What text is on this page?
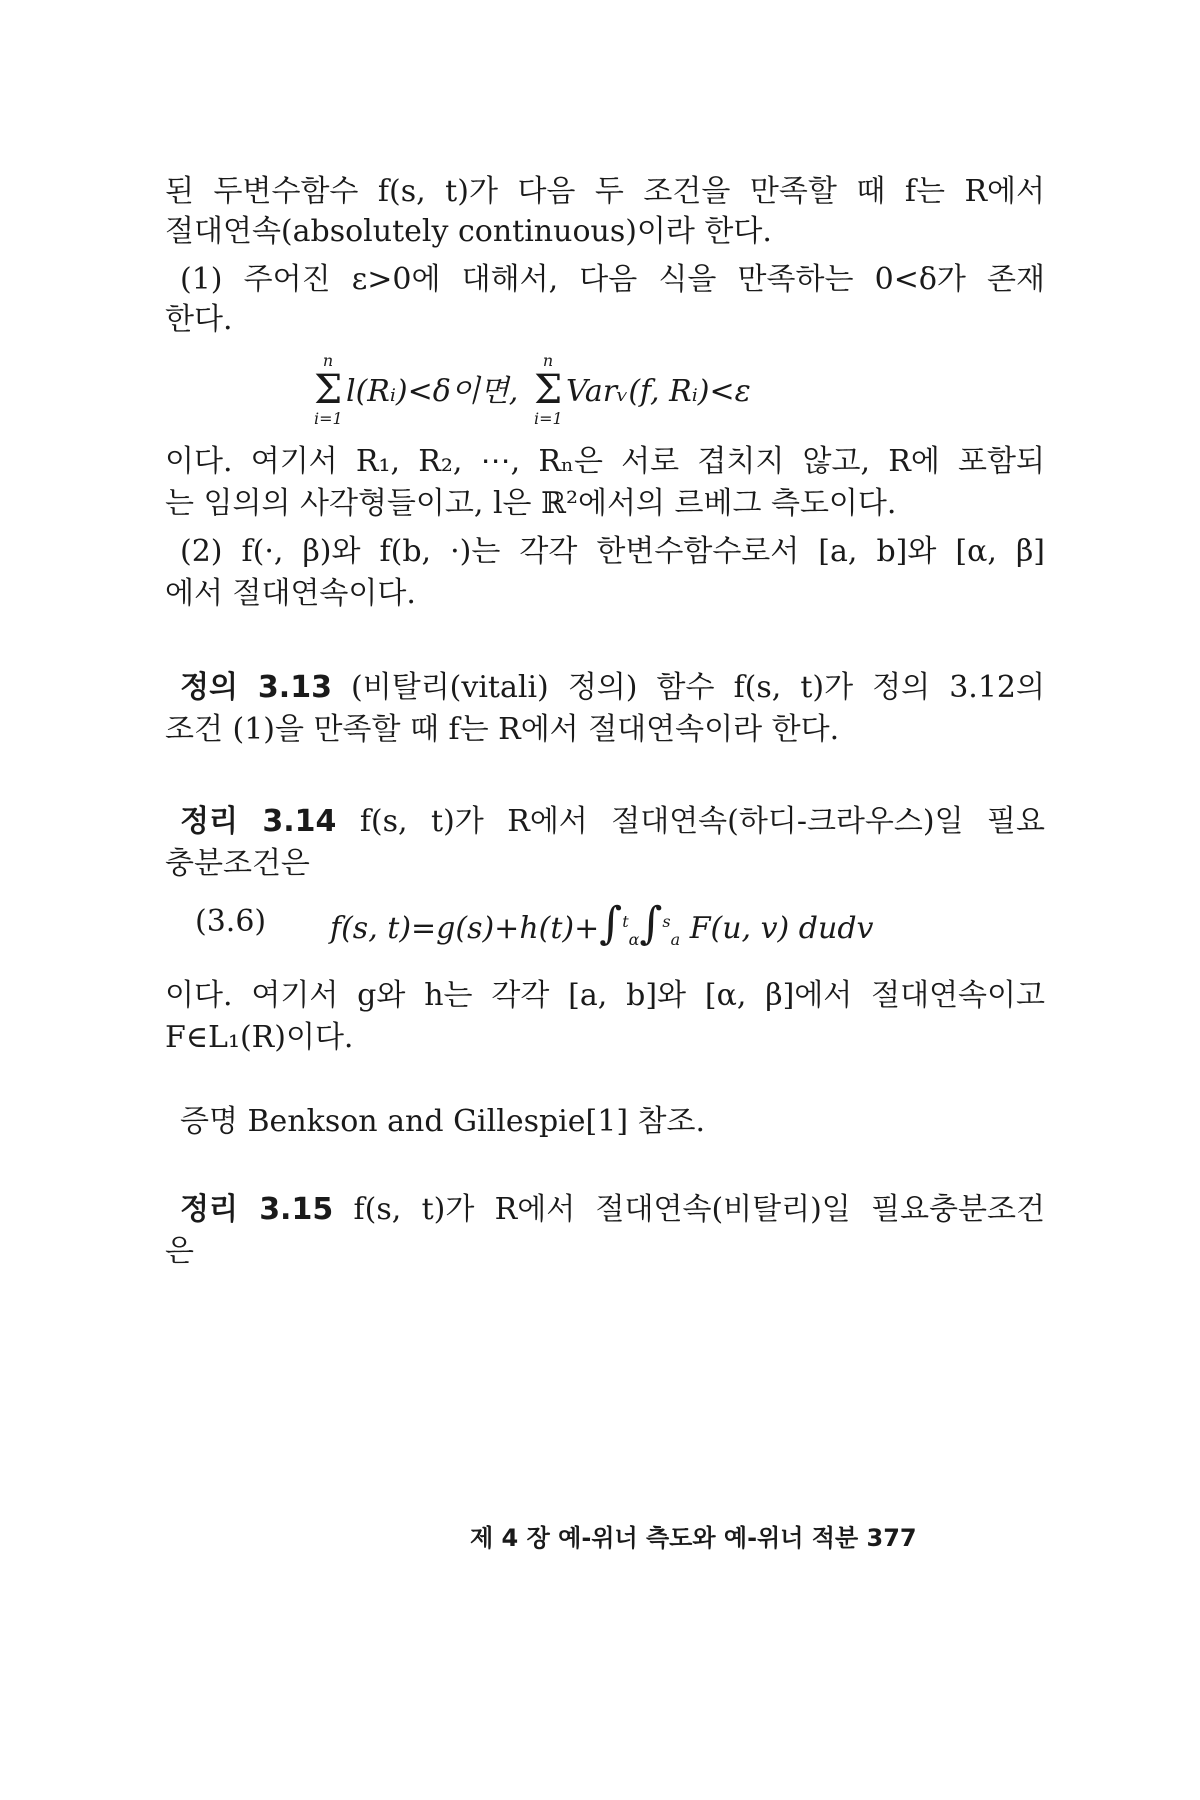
된 두변수함수 f(s, t)가 다음 두 조건을 만족할 때 f는 R에서
절대연속(absolutely continuous)이라 한다.
(1) 주어진 ε>0에 대해서, 다음 식을 만족하는 0<δ가 존재
한다.
n
Σ
i=1
l(Rᵢ)<δ이면,
n
Σ
i=1
Varᵥ(f, Rᵢ)<ε
이다. 여기서 R₁, R₂, ⋯, Rₙ은 서로 겹치지 않고, R에 포함되
는 임의의 사각형들이고, l은 ℝ²에서의 르베그 측도이다.
(2) f(·, β)와 f(b, ·)는 각각 한변수함수로서 [a, b]와 [α, β]
에서 절대연속이다.
정의 3.13 (비탈리(vitali) 정의) 함수 f(s, t)가 정의 3.12의
조건 (1)을 만족할 때 f는 R에서 절대연속이라 한다.
정리 3.14 f(s, t)가 R에서 절대연속(하디-크라우스)일 필요
충분조건은
(3.6) f(s, t)=g(s)+h(t)+∫$^t_\alpha$∫$^s_a$ F(u, v) dudv
이다. 여기서 g와 h는 각각 [a, b]와 [α, β]에서 절대연속이고
F∈L₁(R)이다.
증명 Benkson and Gillespie[1] 참조.
정리 3.15 f(s, t)가 R에서 절대연속(비탈리)일 필요충분조건
은
제 4 장 예-위너 측도와 예-위너 적분 377
